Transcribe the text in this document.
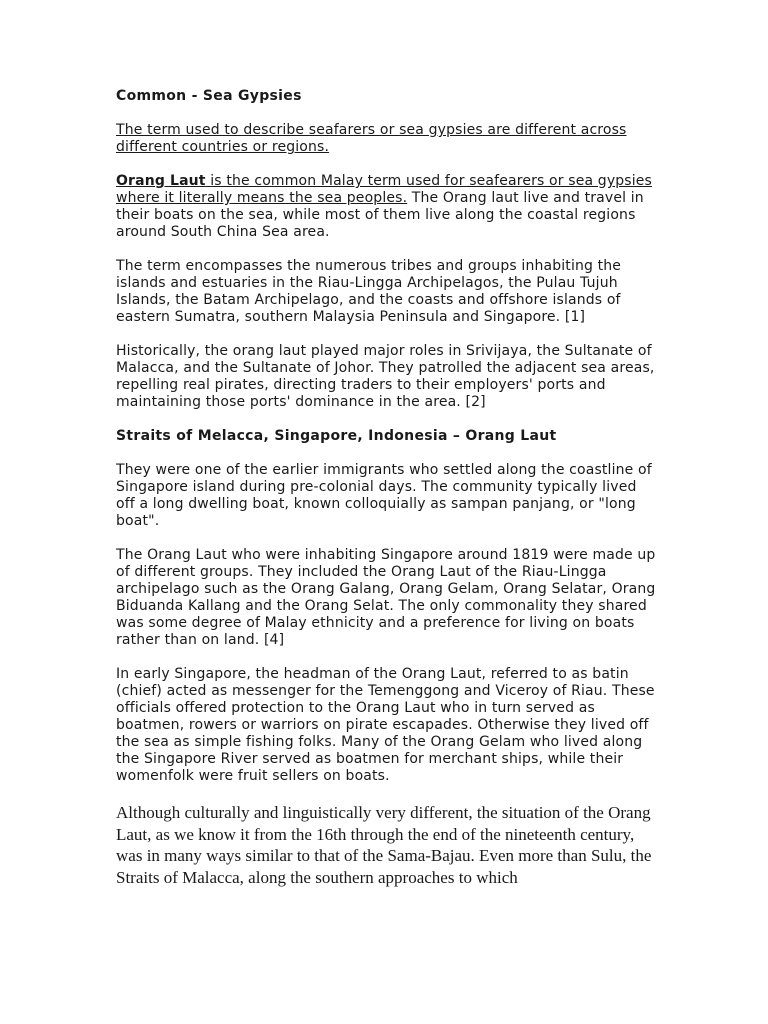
Common - Sea Gypsies

The term used to describe seafarers or sea gypsies are different across different countries or regions.

Orang Laut is the common Malay term used for seafearers or sea gypsies where it literally means the sea peoples. The Orang laut live and travel in their boats on the sea, while most of them live along the coastal regions around South China Sea area.

The term encompasses the numerous tribes and groups inhabiting the islands and estuaries in the Riau-Lingga Archipelagos, the Pulau Tujuh Islands, the Batam Archipelago, and the coasts and offshore islands of eastern Sumatra, southern Malaysia Peninsula and Singapore. [1]

Historically, the orang laut played major roles in Srivijaya, the Sultanate of Malacca, and the Sultanate of Johor. They patrolled the adjacent sea areas, repelling real pirates, directing traders to their employers' ports and maintaining those ports' dominance in the area. [2]

Straits of Melacca, Singapore, Indonesia – Orang Laut

They were one of the earlier immigrants who settled along the coastline of Singapore island during pre-colonial days. The community typically lived off a long dwelling boat, known colloquially as sampan panjang, or "long boat".

The Orang Laut who were inhabiting Singapore around 1819 were made up of different groups. They included the Orang Laut of the Riau-Lingga archipelago such as the Orang Galang, Orang Gelam, Orang Selatar, Orang Biduanda Kallang and the Orang Selat. The only commonality they shared was some degree of Malay ethnicity and a preference for living on boats rather than on land. [4]

In early Singapore, the headman of the Orang Laut, referred to as batin (chief) acted as messenger for the Temenggong and Viceroy of Riau. These officials offered protection to the Orang Laut who in turn served as boatmen, rowers or warriors on pirate escapades. Otherwise they lived off the sea as simple fishing folks. Many of the Orang Gelam who lived along the Singapore River served as boatmen for merchant ships, while their womenfolk were fruit sellers on boats.

Although culturally and linguistically very different, the situation of the Orang Laut, as we know it from the 16th through the end of the nineteenth century, was in many ways similar to that of the Sama-Bajau. Even more than Sulu, the Straits of Malacca, along the southern approaches to which
